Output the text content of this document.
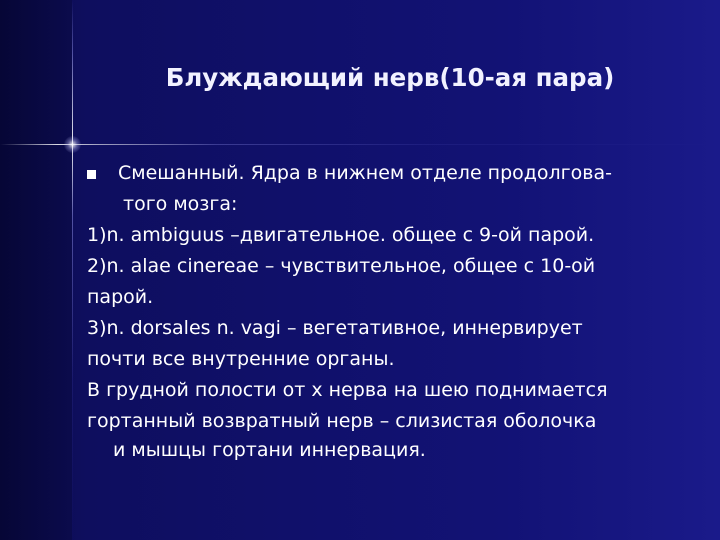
Блуждающий нерв(10-ая пара)
Смешанный. Ядра в нижнем отделе продолгова-
того мозга:
1)n. ambiguus –двигательное. общее с 9-ой парой.
2)n. alae cinereae – чувствительное, общее с 10-ой
парой.
3)n. dorsales n. vagi – вегетативное, иннервирует
почти все внутренние органы.
В грудной полости от х нерва на шею поднимается
гортанный возвратный нерв – слизистая оболочка
и мышцы гортани иннервация.
